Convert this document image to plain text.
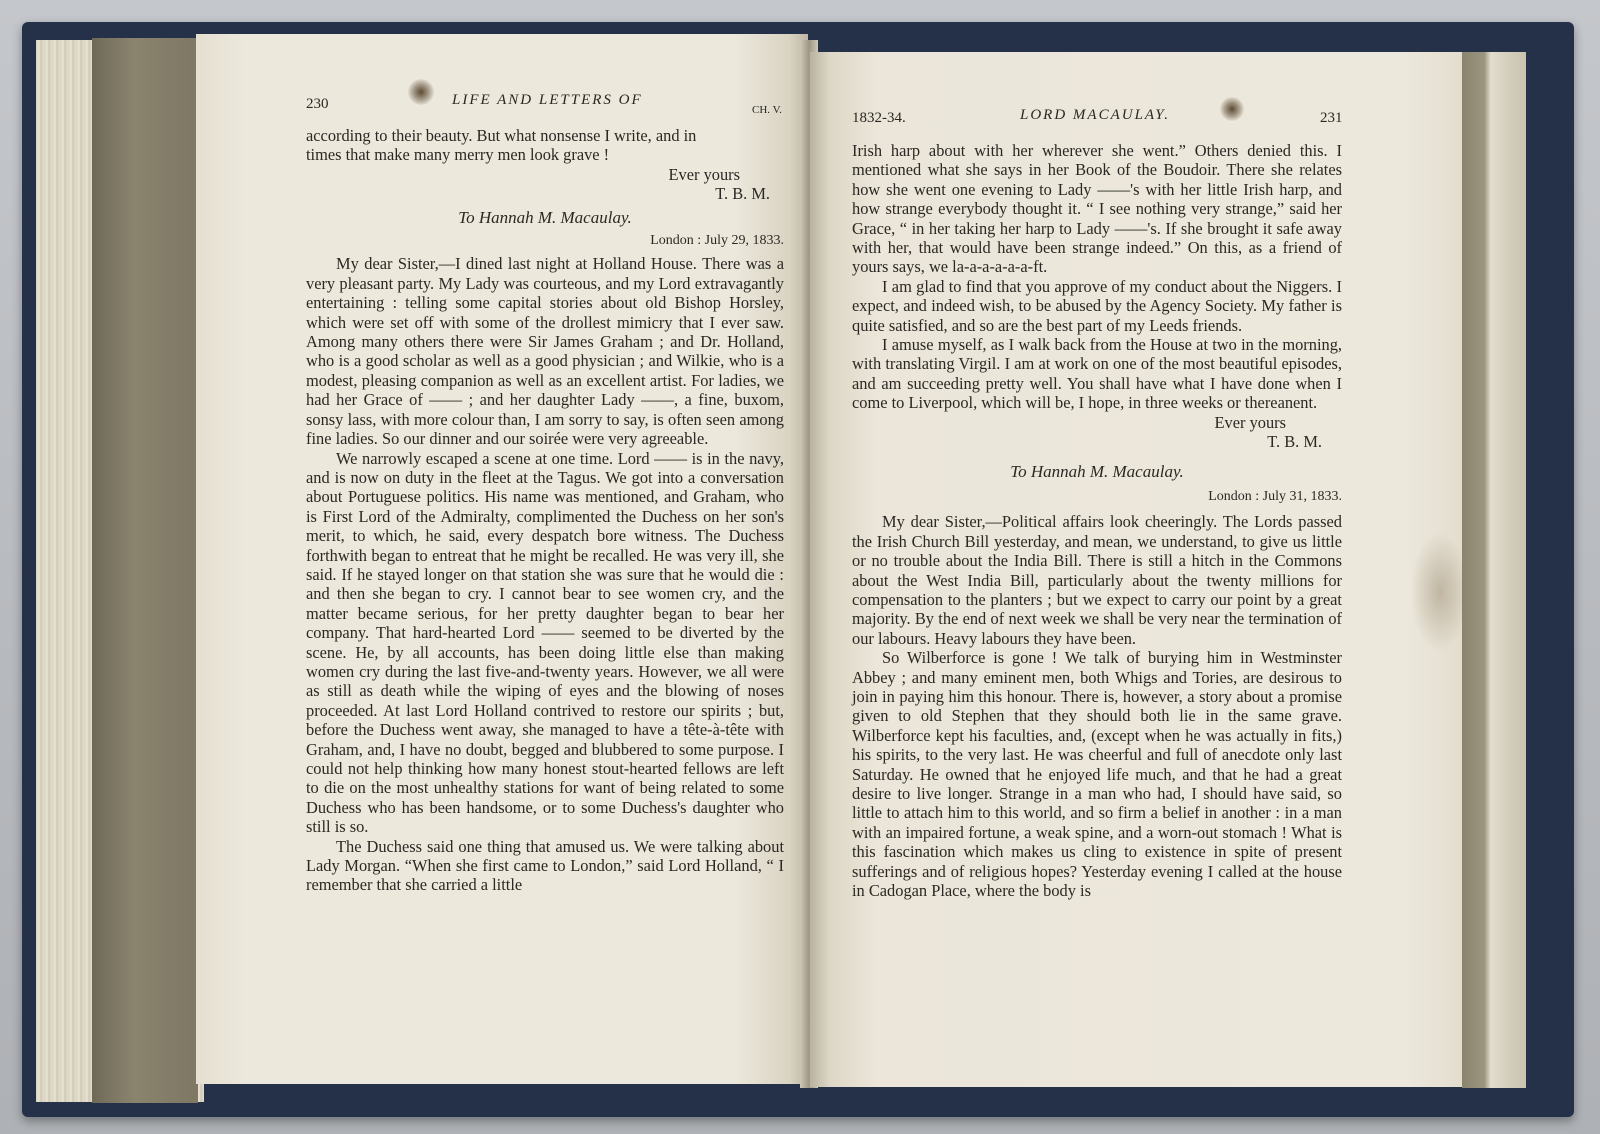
230	LIFE AND LETTERS OF
CH. V.

according to their beauty. But what nonsense I write, and in

times that make many merry men look grave !

Ever yours

T. B. M.

To Hannah M. Macaulay.

London : July 29, 1833.

My dear Sister,—I dined last night at Holland House. There was a very pleasant party. My Lady was courteous, and my Lord extravagantly entertaining : telling some capital stories about old Bishop Horsley, which were set off with some of the drollest mimicry that I ever saw. Among many others there were Sir James Graham ; and Dr. Holland, who is a good scholar as well as a good physician ; and Wilkie, who is a modest, pleasing companion as well as an excellent artist. For ladies, we had her Grace of —— ; and her daughter Lady ——, a fine, buxom, sonsy lass, with more colour than, I am sorry to say, is often seen among fine ladies. So our dinner and our soirée were very agreeable.

We narrowly escaped a scene at one time. Lord —— is in the navy, and is now on duty in the fleet at the Tagus. We got into a conversation about Portuguese politics. His name was mentioned, and Graham, who is First Lord of the Admiralty, complimented the Duchess on her son's merit, to which, he said, every despatch bore witness. The Duchess forthwith began to entreat that he might be recalled. He was very ill, she said. If he stayed longer on that station she was sure that he would die : and then she began to cry. I cannot bear to see women cry, and the matter became serious, for her pretty daughter began to bear her company. That hard-hearted Lord —— seemed to be diverted by the scene. He, by all accounts, has been doing little else than making women cry during the last five-and-twenty years. However, we all were as still as death while the wiping of eyes and the blowing of noses proceeded. At last Lord Holland contrived to restore our spirits ; but, before the Duchess went away, she managed to have a tête-à-tête with Graham, and, I have no doubt, begged and blubbered to some purpose. I could not help thinking how many honest stout-hearted fellows are left to die on the most unhealthy stations for want of being related to some Duchess who has been handsome, or to some Duchess's daughter who still is so.

The Duchess said one thing that amused us. We were talking about Lady Morgan. “When she first came to London,” said Lord Holland, “ I remember that she carried a little

1832-34.	LORD MACAULAY.	231

Irish harp about with her wherever she went.” Others denied this. I mentioned what she says in her Book of the Boudoir. There she relates how she went one evening to Lady ——'s with her little Irish harp, and how strange everybody thought it. “ I see nothing very strange,” said her Grace, “ in her taking her harp to Lady ——'s. If she brought it safe away with her, that would have been strange indeed.” On this, as a friend of yours says, we la-a-a-a-a-a-ft.

I am glad to find that you approve of my conduct about the Niggers. I expect, and indeed wish, to be abused by the Agency Society. My father is quite satisfied, and so are the best part of my Leeds friends.

I amuse myself, as I walk back from the House at two in the morning, with translating Virgil. I am at work on one of the most beautiful episodes, and am succeeding pretty well. You shall have what I have done when I come to Liverpool, which will be, I hope, in three weeks or thereanent.

Ever yours

T. B. M.

To Hannah M. Macaulay.

London : July 31, 1833.

My dear Sister,—Political affairs look cheeringly. The Lords passed the Irish Church Bill yesterday, and mean, we understand, to give us little or no trouble about the India Bill. There is still a hitch in the Commons about the West India Bill, particularly about the twenty millions for compensation to the planters ; but we expect to carry our point by a great majority. By the end of next week we shall be very near the termination of our labours. Heavy labours they have been.

So Wilberforce is gone ! We talk of burying him in Westminster Abbey ; and many eminent men, both Whigs and Tories, are desirous to join in paying him this honour. There is, however, a story about a promise given to old Stephen that they should both lie in the same grave. Wilberforce kept his faculties, and, (except when he was actually in fits,) his spirits, to the very last. He was cheerful and full of anecdote only last Saturday. He owned that he enjoyed life much, and that he had a great desire to live longer. Strange in a man who had, I should have said, so little to attach him to this world, and so firm a belief in another : in a man with an impaired fortune, a weak spine, and a worn-out stomach ! What is this fascination which makes us cling to existence in spite of present sufferings and of religious hopes? Yesterday evening I called at the house in Cadogan Place, where the body is
